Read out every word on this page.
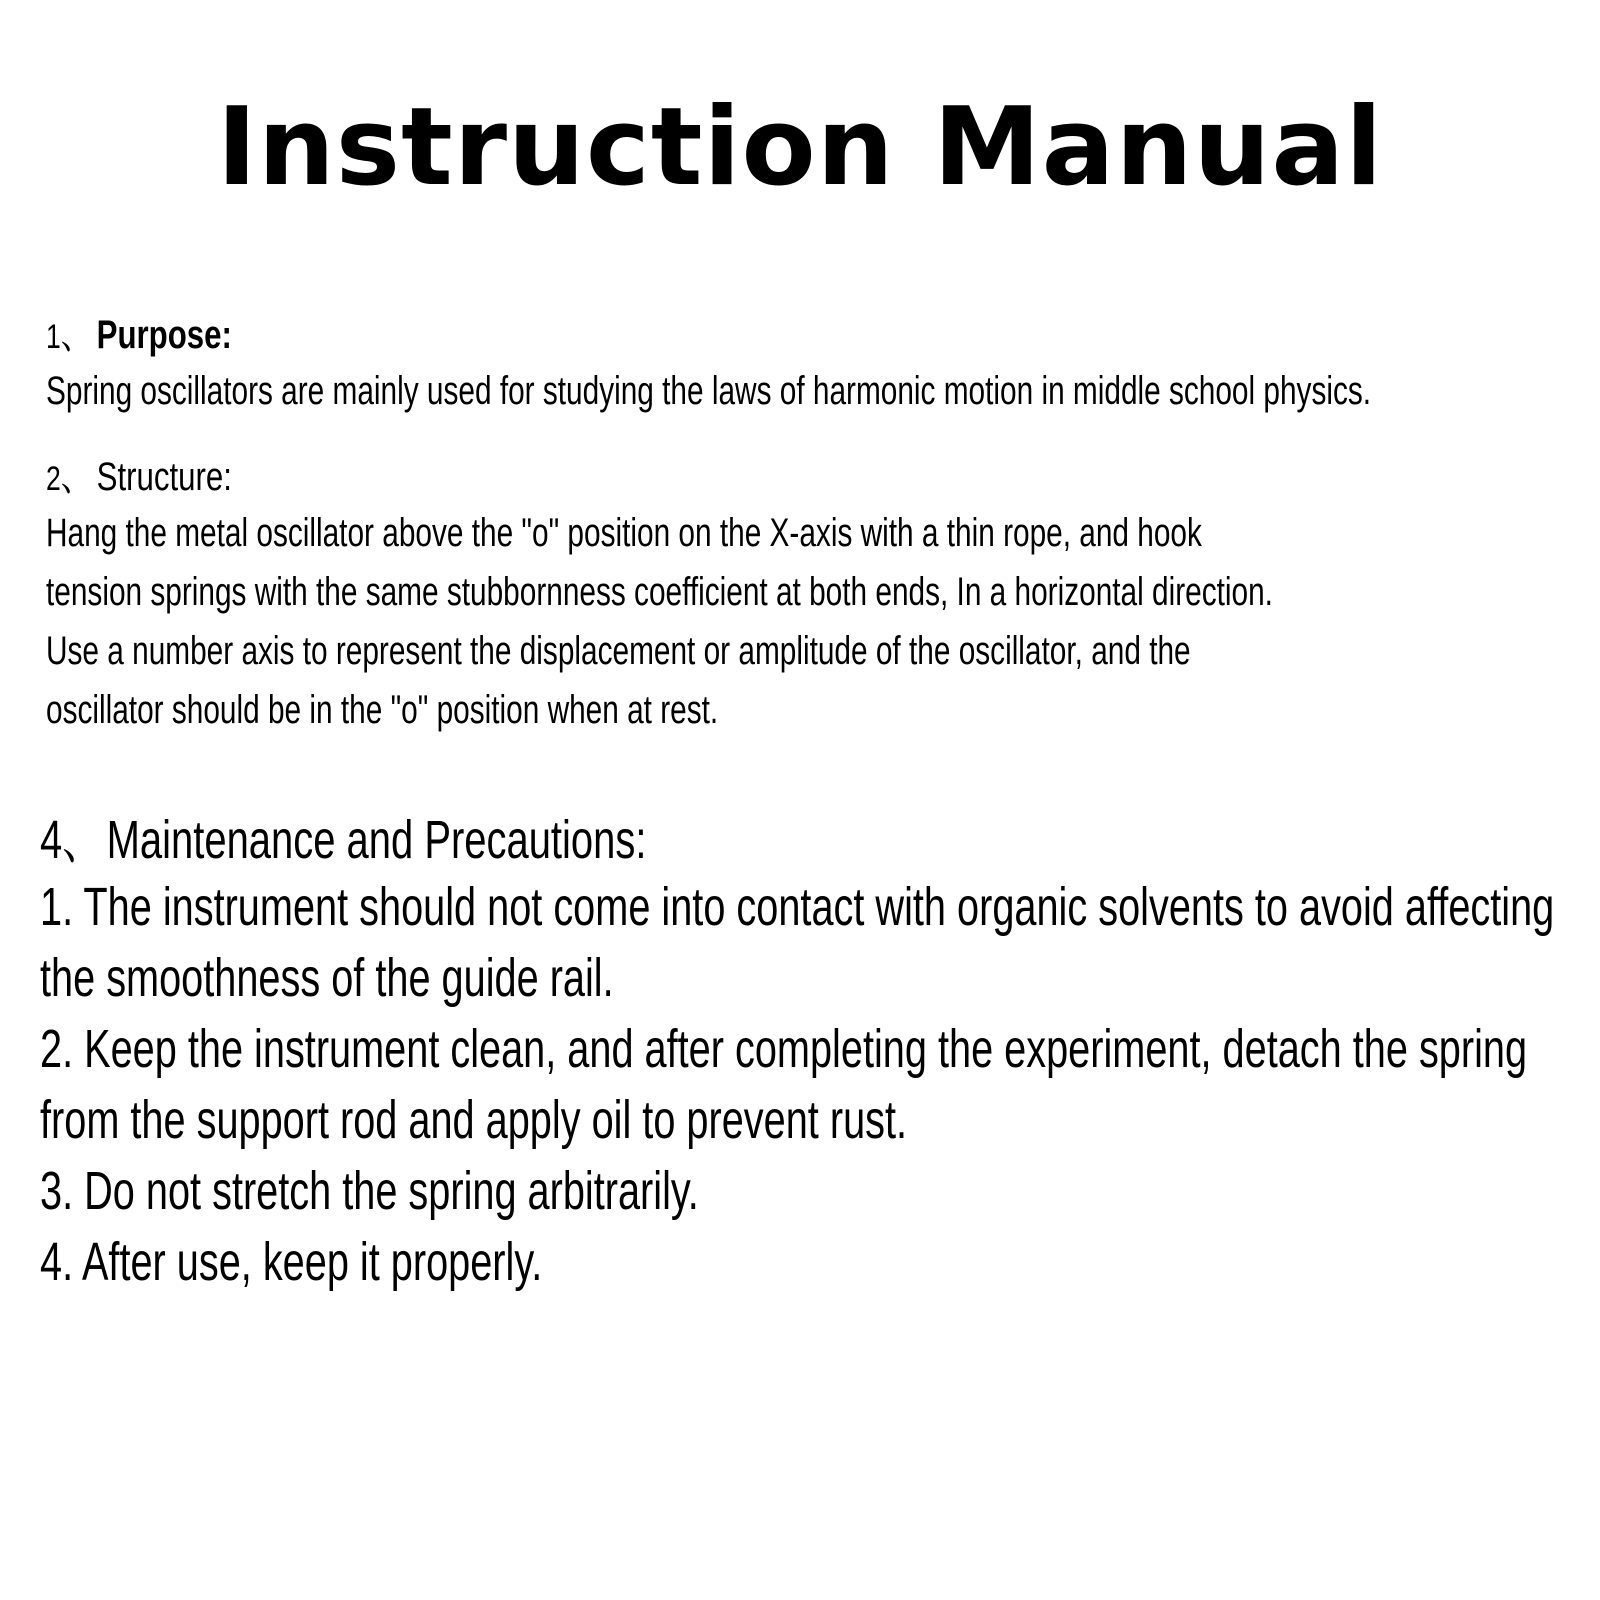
Instruction Manual

1、 Purpose:

Spring oscillators are mainly used for studying the laws of harmonic motion in middle school physics.

2、 Structure:

Hang the metal oscillator above the "o" position on the X-axis with a thin rope, and hook

tension springs with the same stubbornness coefficient at both ends, In a horizontal direction.

Use a number axis to represent the displacement or amplitude of the oscillator, and the

oscillator should be in the "o" position when at rest.

4、Maintenance and Precautions:

1. The instrument should not come into contact with organic solvents to avoid affecting

the smoothness of the guide rail.

2. Keep the instrument clean, and after completing the experiment, detach the spring

from the support rod and apply oil to prevent rust.

3. Do not stretch the spring arbitrarily.

4. After use, keep it properly.
